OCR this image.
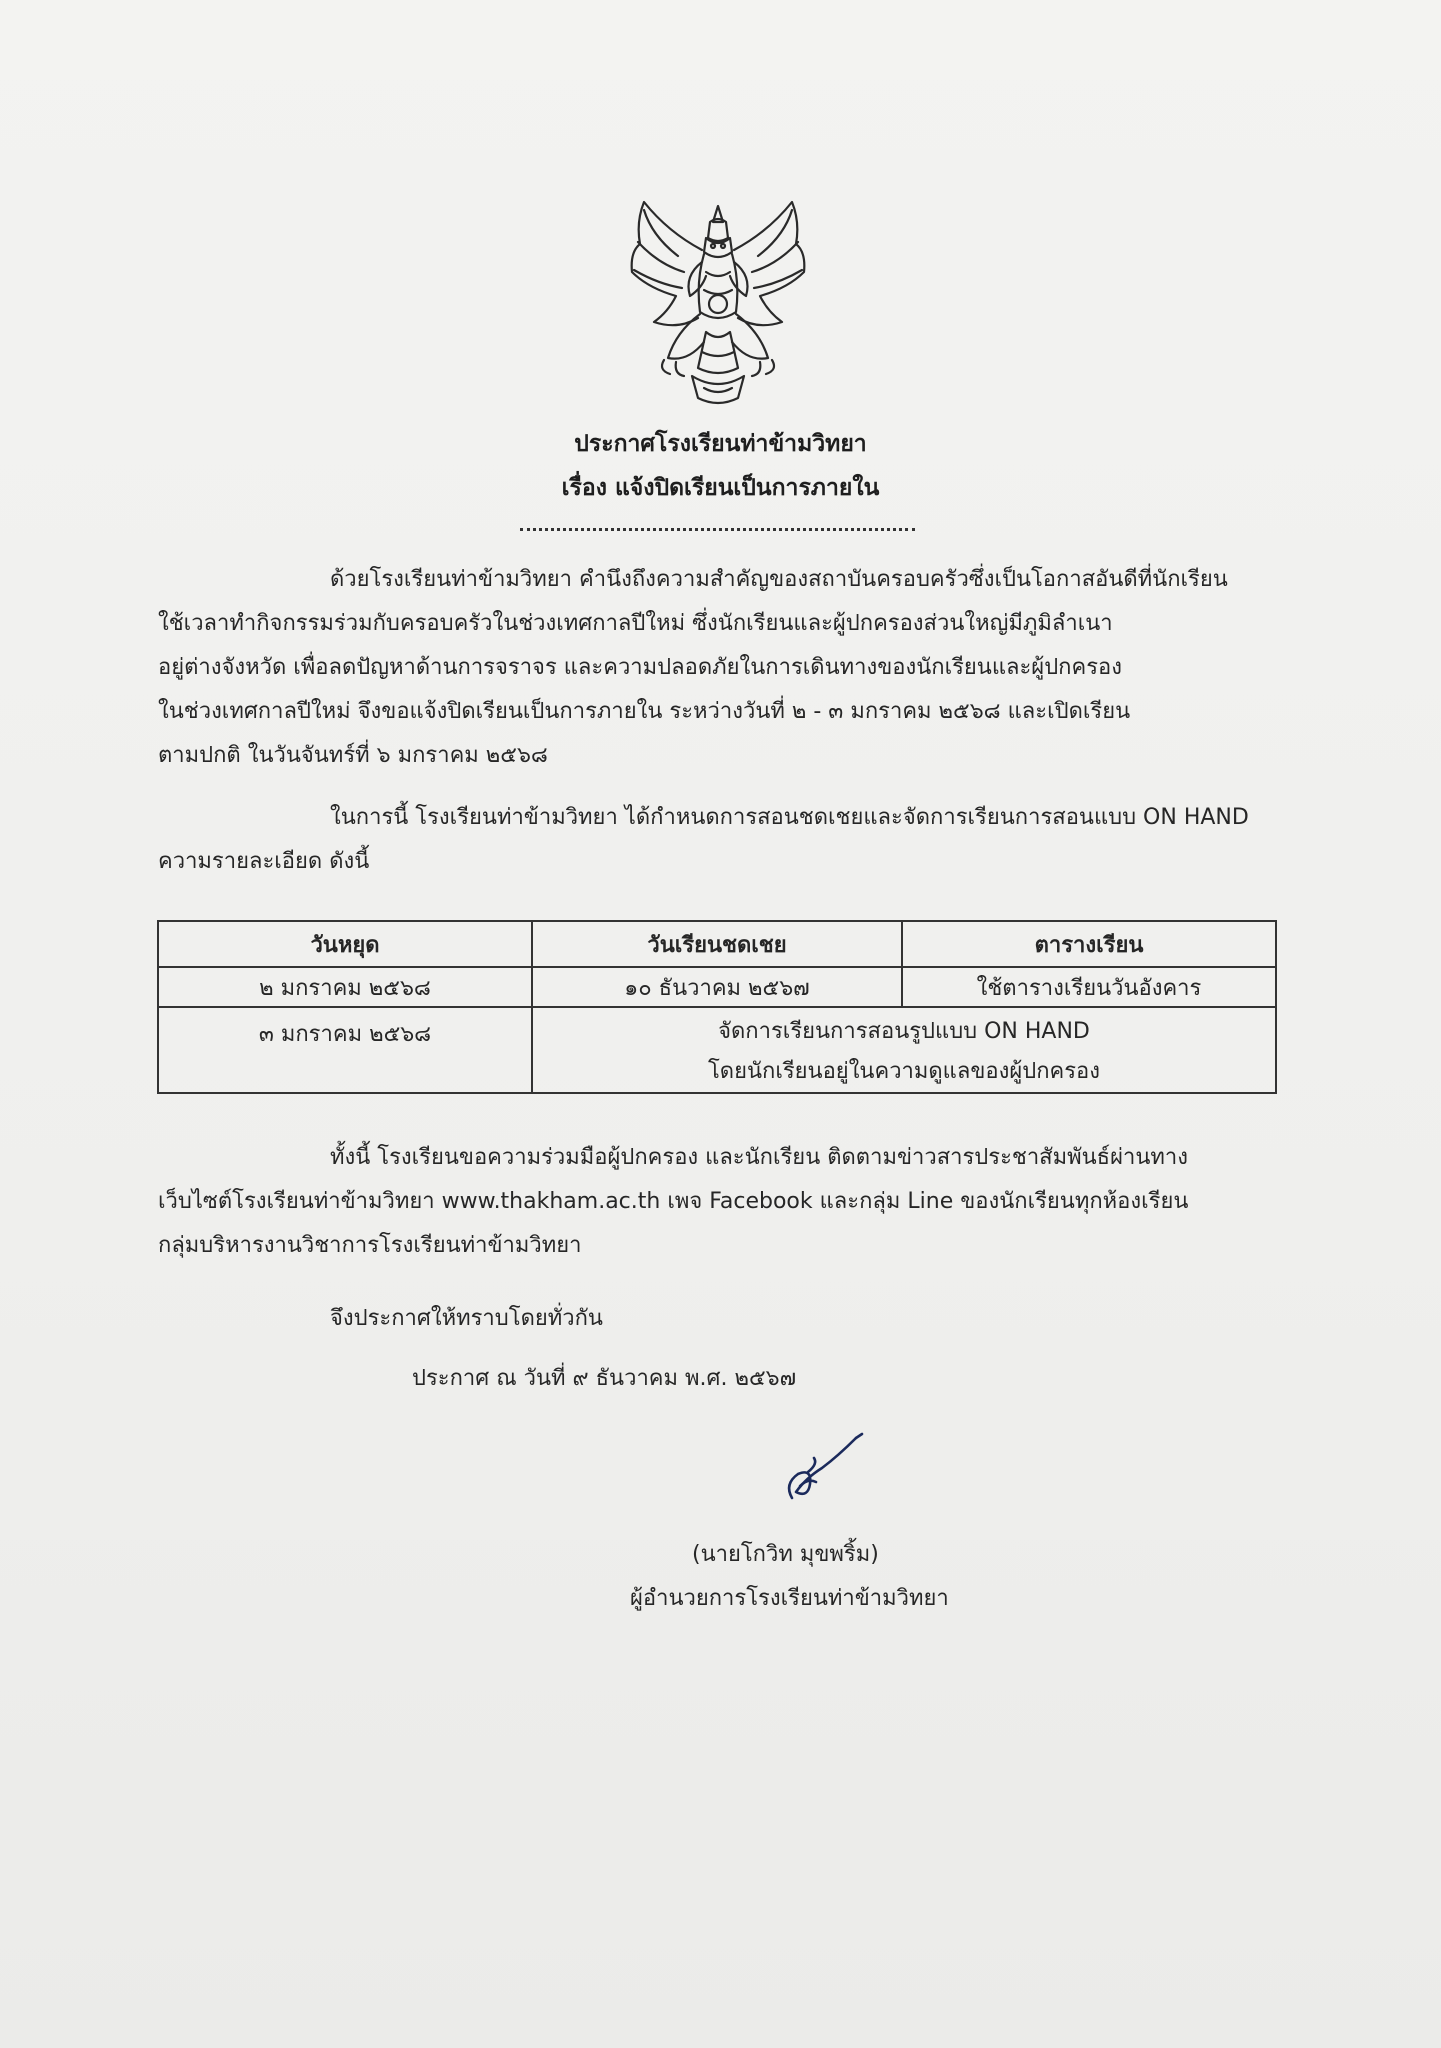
ประกาศโรงเรียนท่าข้ามวิทยา
เรื่อง แจ้งปิดเรียนเป็นการภายใน

ด้วยโรงเรียนท่าข้ามวิทยา คำนึงถึงความสำคัญของสถาบันครอบครัวซึ่งเป็นโอกาสอันดีที่นักเรียน

ใช้เวลาทำกิจกรรมร่วมกับครอบครัวในช่วงเทศกาลปีใหม่ ซึ่งนักเรียนและผู้ปกครองส่วนใหญ่มีภูมิลำเนา

อยู่ต่างจังหวัด เพื่อลดปัญหาด้านการจราจร และความปลอดภัยในการเดินทางของนักเรียนและผู้ปกครอง

ในช่วงเทศกาลปีใหม่ จึงขอแจ้งปิดเรียนเป็นการภายใน ระหว่างวันที่ ๒ - ๓ มกราคม ๒๕๖๘ และเปิดเรียน

ตามปกติ ในวันจันทร์ที่ ๖ มกราคม ๒๕๖๘

ในการนี้ โรงเรียนท่าข้ามวิทยา ได้กำหนดการสอนชดเชยและจัดการเรียนการสอนแบบ ON HAND

ความรายละเอียด ดังนี้

วันหยุด	วันเรียนชดเชย	ตารางเรียน
๒ มกราคม ๒๕๖๘	๑๐ ธันวาคม ๒๕๖๗	ใช้ตารางเรียนวันอังคาร
๓ มกราคม ๒๕๖๘	จัดการเรียนการสอนรูปแบบ ON HAND
โดยนักเรียนอยู่ในความดูแลของผู้ปกครอง	

ทั้งนี้ โรงเรียนขอความร่วมมือผู้ปกครอง และนักเรียน ติดตามข่าวสารประชาสัมพันธ์ผ่านทาง

เว็บไซต์โรงเรียนท่าข้ามวิทยา www.thakham.ac.th เพจ Facebook และกลุ่ม Line ของนักเรียนทุกห้องเรียน

กลุ่มบริหารงานวิชาการโรงเรียนท่าข้ามวิทยา

จึงประกาศให้ทราบโดยทั่วกัน
ประกาศ ณ วันที่ ๙ ธันวาคม พ.ศ. ๒๕๖๗
(นายโกวิท มุขพริ้ม)
ผู้อำนวยการโรงเรียนท่าข้ามวิทยา
